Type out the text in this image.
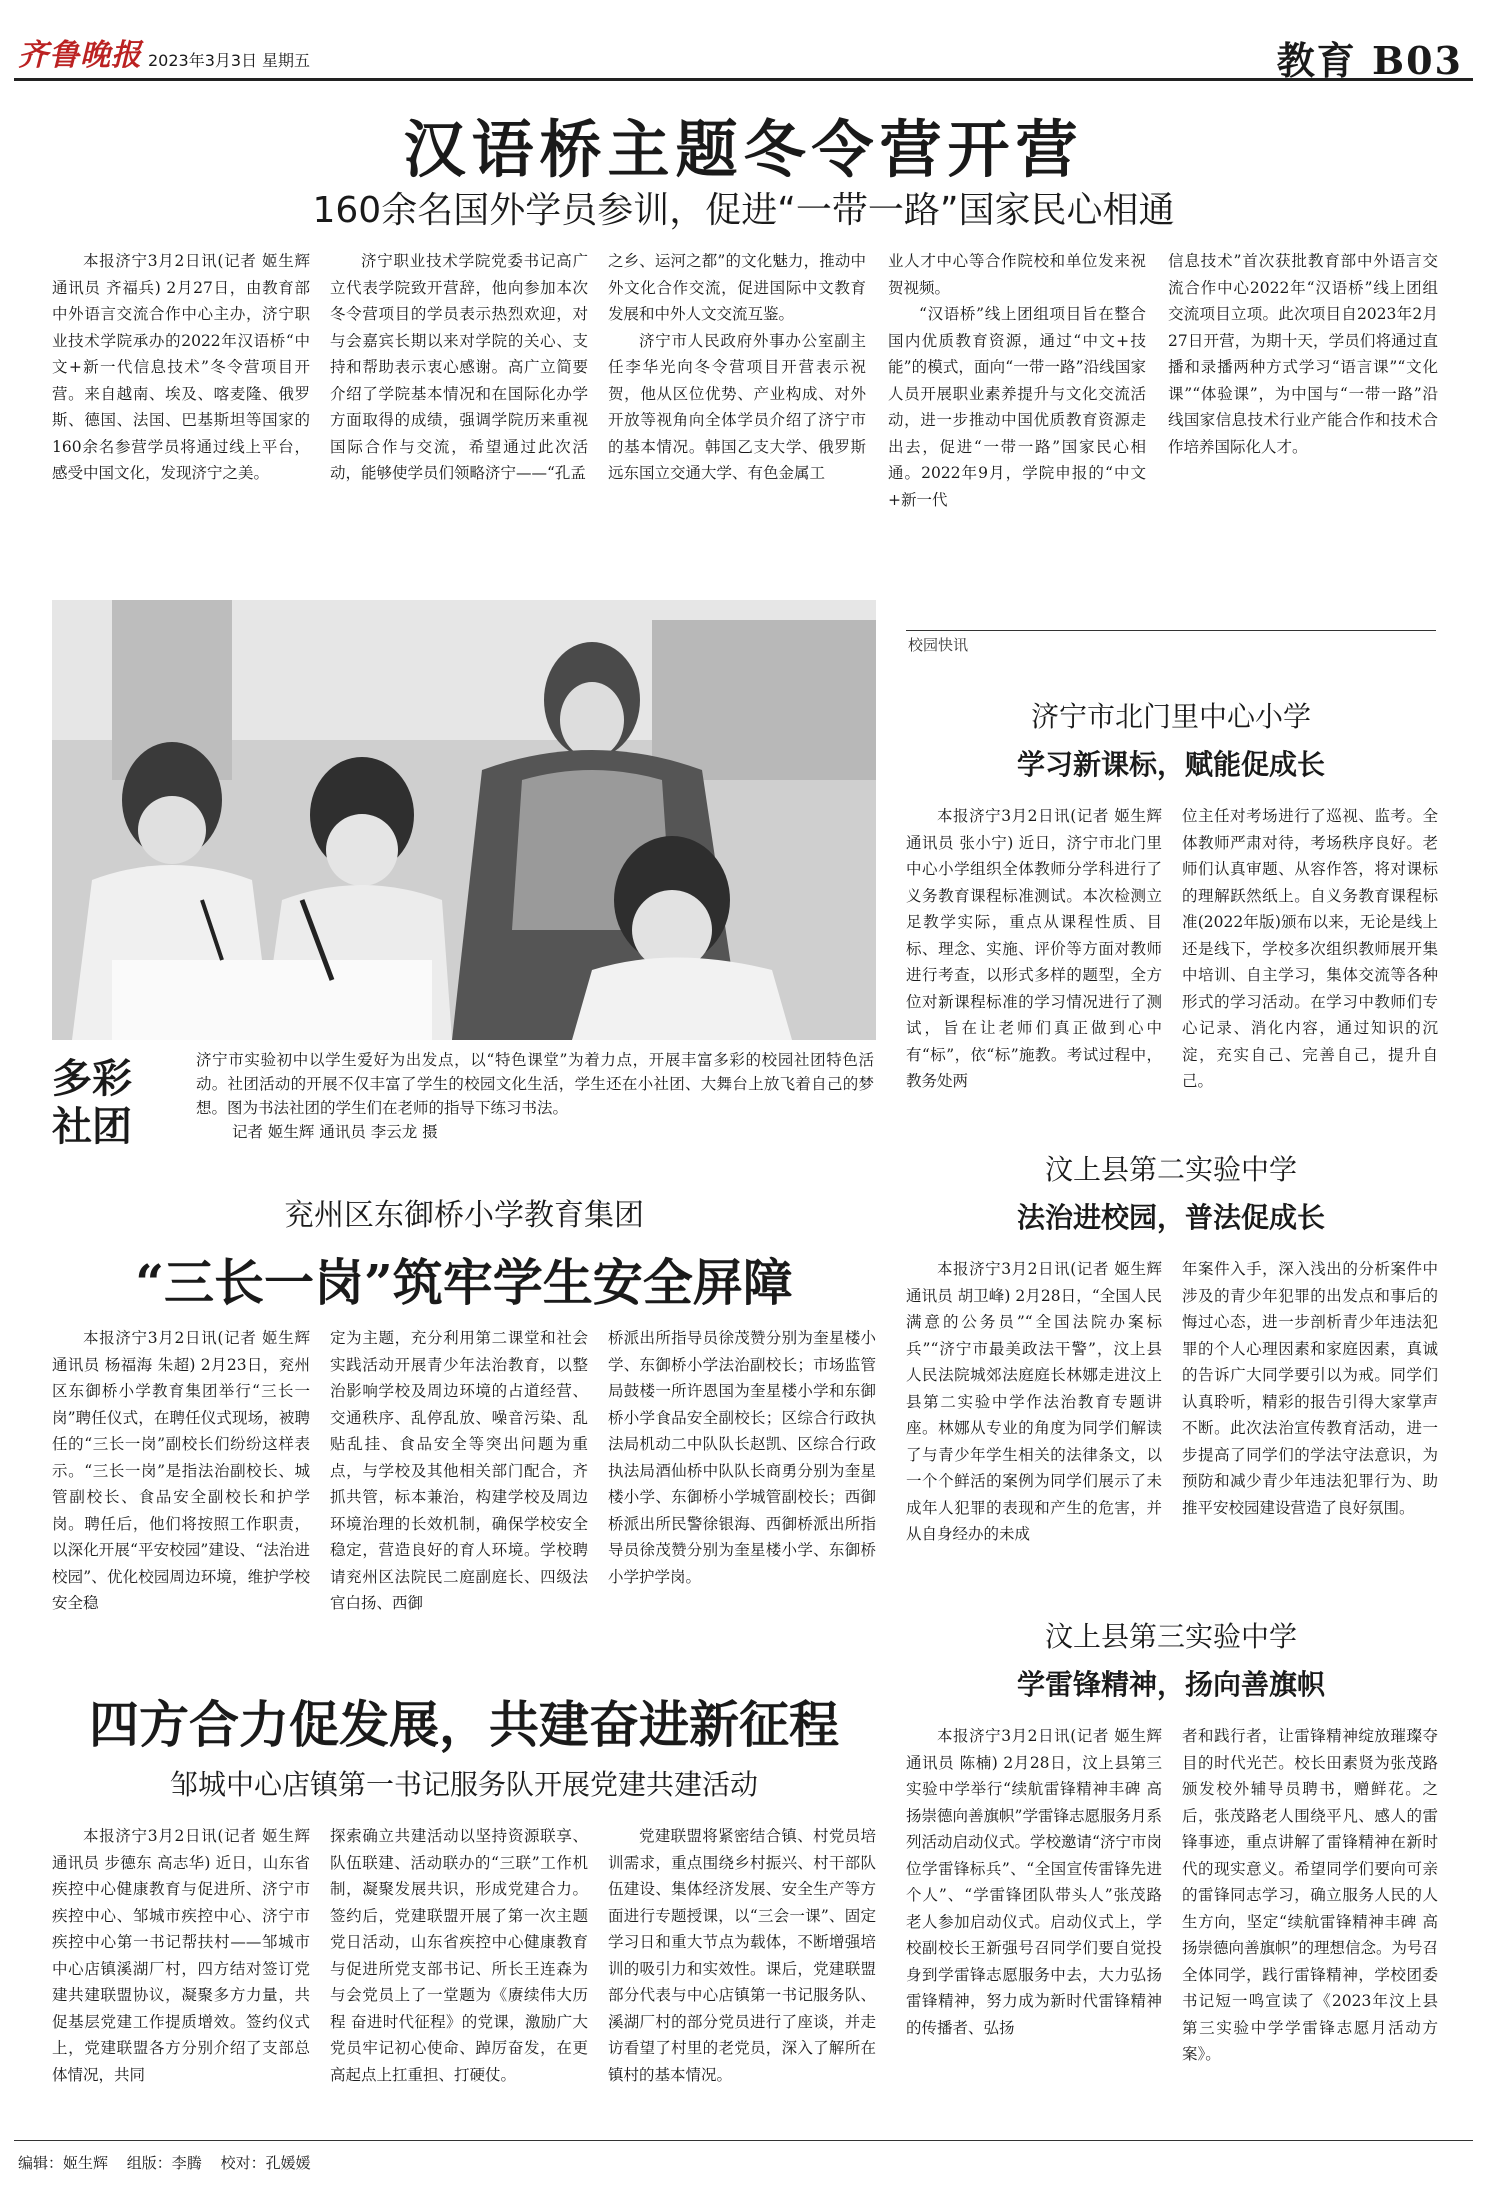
齐鲁晚报 2023年3月3日 星期五	教育 B03
汉语桥主题冬令营开营
160余名国外学员参训，促进“一带一路”国家民心相通

本报济宁3月2日讯(记者 姬生辉 通讯员 齐福兵) 2月27日，由教育部中外语言交流合作中心主办，济宁职业技术学院承办的2022年汉语桥“中文+新一代信息技术”冬令营项目开营。来自越南、埃及、喀麦隆、俄罗斯、德国、法国、巴基斯坦等国家的160余名参营学员将通过线上平台，感受中国文化，发现济宁之美。

济宁职业技术学院党委书记高广立代表学院致开营辞，他向参加本次冬令营项目的学员表示热烈欢迎，对与会嘉宾长期以来对学院的关心、支持和帮助表示衷心感谢。高广立简要介绍了学院基本情况和在国际化办学方面取得的成绩，强调学院历来重视国际合作与交流，希望通过此次活动，能够使学员们领略济宁——“孔孟

之乡、运河之都”的文化魅力，推动中外文化合作交流，促进国际中文教育发展和中外人文交流互鉴。

济宁市人民政府外事办公室副主任李华光向冬令营项目开营表示祝贺，他从区位优势、产业构成、对外开放等视角向全体学员介绍了济宁市的基本情况。韩国乙支大学、俄罗斯远东国立交通大学、有色金属工

业人才中心等合作院校和单位发来祝贺视频。

“汉语桥”线上团组项目旨在整合国内优质教育资源，通过“中文+技能”的模式，面向“一带一路”沿线国家人员开展职业素养提升与文化交流活动，进一步推动中国优质教育资源走出去，促进“一带一路”国家民心相通。2022年9月，学院申报的“中文+新一代

信息技术”首次获批教育部中外语言交流合作中心2022年“汉语桥”线上团组交流项目立项。此次项目自2023年2月27日开营，为期十天，学员们将通过直播和录播两种方式学习“语言课”“文化课”“体验课”，为中国与“一带一路”沿线国家信息技术行业产能合作和技术合作培养国际化人才。

多彩
社团
济宁市实验初中以学生爱好为出发点，以“特色课堂”为着力点，开展丰富多彩的校园社团特色活动。社团活动的开展不仅丰富了学生的校园文化生活，学生还在小社团、大舞台上放飞着自己的梦想。图为书法社团的学生们在老师的指导下练习书法。
记者 姬生辉 通讯员 李云龙 摄
校园快讯
济宁市北门里中心小学
学习新课标，赋能促成长

本报济宁3月2日讯(记者 姬生辉 通讯员 张小宁) 近日，济宁市北门里中心小学组织全体教师分学科进行了义务教育课程标准测试。本次检测立足教学实际，重点从课程性质、目标、理念、实施、评价等方面对教师进行考查，以形式多样的题型，全方位对新课程标准的学习情况进行了测试，旨在让老师们真正做到心中有“标”，依“标”施教。考试过程中，教务处两

位主任对考场进行了巡视、监考。全体教师严肃对待，考场秩序良好。老师们认真审题、从容作答，将对课标的理解跃然纸上。自义务教育课程标准(2022年版)颁布以来，无论是线上还是线下，学校多次组织教师展开集中培训、自主学习，集体交流等各种形式的学习活动。在学习中教师们专心记录、消化内容，通过知识的沉淀，充实自己、完善自己，提升自己。

汶上县第二实验中学
法治进校园，普法促成长

本报济宁3月2日讯(记者 姬生辉 通讯员 胡卫峰) 2月28日，“全国人民满意的公务员”“全国法院办案标兵”“济宁市最美政法干警”，汶上县人民法院城郊法庭庭长林娜走进汶上县第二实验中学作法治教育专题讲座。林娜从专业的角度为同学们解读了与青少年学生相关的法律条文，以一个个鲜活的案例为同学们展示了未成年人犯罪的表现和产生的危害，并从自身经办的未成

年案件入手，深入浅出的分析案件中涉及的青少年犯罪的出发点和事后的悔过心态，进一步剖析青少年违法犯罪的个人心理因素和家庭因素，真诚的告诉广大同学要引以为戒。同学们认真聆听，精彩的报告引得大家掌声不断。此次法治宣传教育活动，进一步提高了同学们的学法守法意识，为预防和减少青少年违法犯罪行为、助推平安校园建设营造了良好氛围。

汶上县第三实验中学
学雷锋精神，扬向善旗帜

本报济宁3月2日讯(记者 姬生辉 通讯员 陈楠) 2月28日，汶上县第三实验中学举行“续航雷锋精神丰碑 高扬崇德向善旗帜”学雷锋志愿服务月系列活动启动仪式。学校邀请“济宁市岗位学雷锋标兵”、“全国宣传雷锋先进个人”、“学雷锋团队带头人”张茂路老人参加启动仪式。启动仪式上，学校副校长王新强号召同学们要自觉投身到学雷锋志愿服务中去，大力弘扬雷锋精神，努力成为新时代雷锋精神的传播者、弘扬

者和践行者，让雷锋精神绽放璀璨夺目的时代光芒。校长田素贤为张茂路颁发校外辅导员聘书，赠鲜花。之后，张茂路老人围绕平凡、感人的雷锋事迹，重点讲解了雷锋精神在新时代的现实意义。希望同学们要向可亲的雷锋同志学习，确立服务人民的人生方向，坚定“续航雷锋精神丰碑 高扬崇德向善旗帜”的理想信念。为号召全体同学，践行雷锋精神，学校团委书记短一鸣宣读了《2023年汶上县第三实验中学学雷锋志愿月活动方案》。

兖州区东御桥小学教育集团
“三长一岗”筑牢学生安全屏障

本报济宁3月2日讯(记者 姬生辉 通讯员 杨福海 朱超) 2月23日，兖州区东御桥小学教育集团举行“三长一岗”聘任仪式，在聘任仪式现场，被聘任的“三长一岗”副校长们纷纷这样表示。“三长一岗”是指法治副校长、城管副校长、食品安全副校长和护学岗。聘任后，他们将按照工作职责，以深化开展“平安校园”建设、“法治进校园”、优化校园周边环境，维护学校安全稳

定为主题，充分利用第二课堂和社会实践活动开展青少年法治教育，以整治影响学校及周边环境的占道经营、交通秩序、乱停乱放、噪音污染、乱贴乱挂、食品安全等突出问题为重点，与学校及其他相关部门配合，齐抓共管，标本兼治，构建学校及周边环境治理的长效机制，确保学校安全稳定，营造良好的育人环境。学校聘请兖州区法院民二庭副庭长、四级法官白扬、西御

桥派出所指导员徐茂赞分别为奎星楼小学、东御桥小学法治副校长；市场监管局鼓楼一所许恩国为奎星楼小学和东御桥小学食品安全副校长；区综合行政执法局机动二中队队长赵凯、区综合行政执法局酒仙桥中队队长商勇分别为奎星楼小学、东御桥小学城管副校长；西御桥派出所民警徐银海、西御桥派出所指导员徐茂赞分别为奎星楼小学、东御桥小学护学岗。

四方合力促发展，共建奋进新征程
邹城中心店镇第一书记服务队开展党建共建活动

本报济宁3月2日讯(记者 姬生辉 通讯员 步德东 高志华) 近日，山东省疾控中心健康教育与促进所、济宁市疾控中心、邹城市疾控中心、济宁市疾控中心第一书记帮扶村——邹城市中心店镇溪湖厂村，四方结对签订党建共建联盟协议，凝聚多方力量，共促基层党建工作提质增效。签约仪式上，党建联盟各方分别介绍了支部总体情况，共同

探索确立共建活动以坚持资源联享、队伍联建、活动联办的“三联”工作机制，凝聚发展共识，形成党建合力。签约后，党建联盟开展了第一次主题党日活动，山东省疾控中心健康教育与促进所党支部书记、所长王连森为与会党员上了一堂题为《赓续伟大历程 奋进时代征程》的党课，激励广大党员牢记初心使命、踔厉奋发，在更高起点上扛重担、打硬仗。

党建联盟将紧密结合镇、村党员培训需求，重点围绕乡村振兴、村干部队伍建设、集体经济发展、安全生产等方面进行专题授课，以“三会一课”、固定学习日和重大节点为载体，不断增强培训的吸引力和实效性。课后，党建联盟部分代表与中心店镇第一书记服务队、溪湖厂村的部分党员进行了座谈，并走访看望了村里的老党员，深入了解所在镇村的基本情况。

编辑：姬生辉 组版：李腾 校对：孔媛媛
